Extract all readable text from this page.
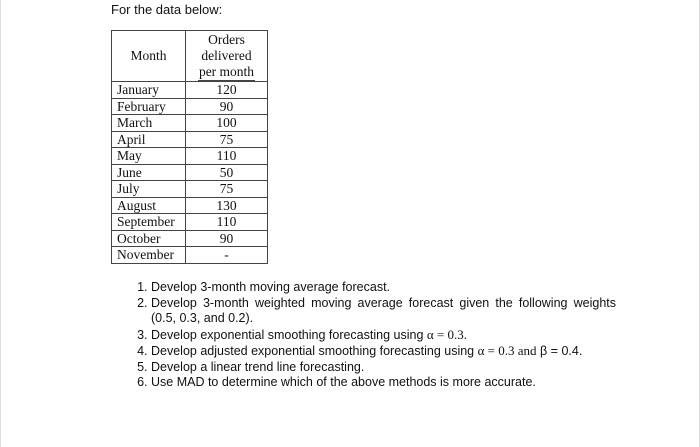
For the data below:
Month	Orders
delivered
per month
January	120
February	90
March	100
April	75
May	110
June	50
July	75
August	130
September	110
October	90
November	-
1. Develop 3-month moving average forecast.
2. Develop 3-month weighted moving average forecast given the following weights (0.5, 0.3, and 0.2).
3. Develop exponential smoothing forecasting using α = 0.3.
4. Develop adjusted exponential smoothing forecasting using α = 0.3 and β = 0.4.
5. Develop a linear trend line forecasting.
6. Use MAD to determine which of the above methods is more accurate.
